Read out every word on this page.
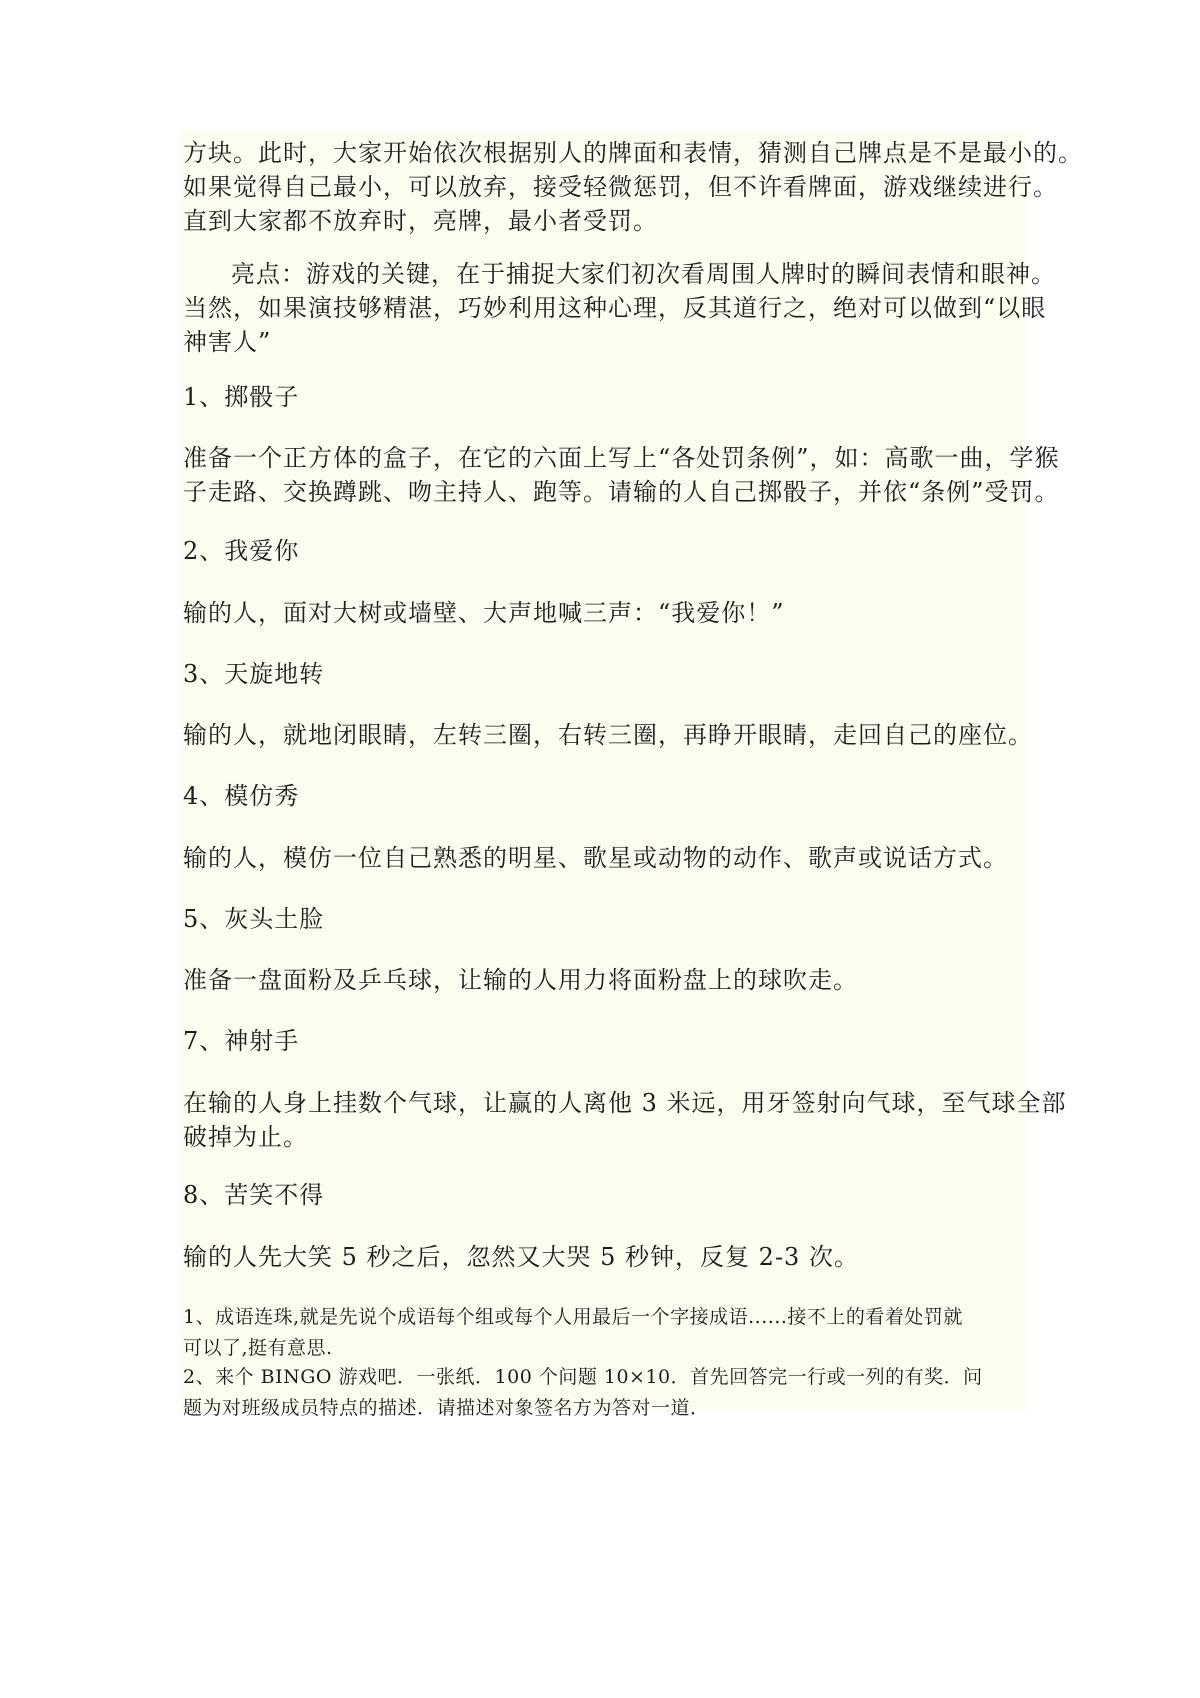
方块。此时，大家开始依次根据别人的牌面和表情，猜测自己牌点是不是最小的。
如果觉得自己最小，可以放弃，接受轻微惩罚，但不许看牌面，游戏继续进行。
直到大家都不放弃时，亮牌，最小者受罚。

亮点：游戏的关键，在于捕捉大家们初次看周围人牌时的瞬间表情和眼神。
当然，如果演技够精湛，巧妙利用这种心理，反其道行之，绝对可以做到“以眼
神害人”

1、掷骰子

准备一个正方体的盒子，在它的六面上写上“各处罚条例”，如：高歌一曲，学猴
子走路、交换蹲跳、吻主持人、跑等。请输的人自己掷骰子，并依“条例”受罚。

2、我爱你

输的人，面对大树或墙壁、大声地喊三声：“我爱你！”

3、天旋地转

输的人，就地闭眼睛，左转三圈，右转三圈，再睁开眼睛，走回自己的座位。

4、模仿秀

输的人，模仿一位自己熟悉的明星、歌星或动物的动作、歌声或说话方式。

5、灰头土脸

准备一盘面粉及乒乓球，让输的人用力将面粉盘上的球吹走。

7、神射手

在输的人身上挂数个气球，让赢的人离他 3 米远，用牙签射向气球，至气球全部
破掉为止。

8、苦笑不得

输的人先大笑 5 秒之后，忽然又大哭 5 秒钟，反复 2-3 次。

1、成语连珠,就是先说个成语每个组或每个人用最后一个字接成语......接不上的看着处罚就
可以了,挺有意思.

2、来个 BINGO 游戏吧．一张纸．100 个问题 10×10．首先回答完一行或一列的有奖．问
题为对班级成员特点的描述．请描述对象签名方为答对一道．
